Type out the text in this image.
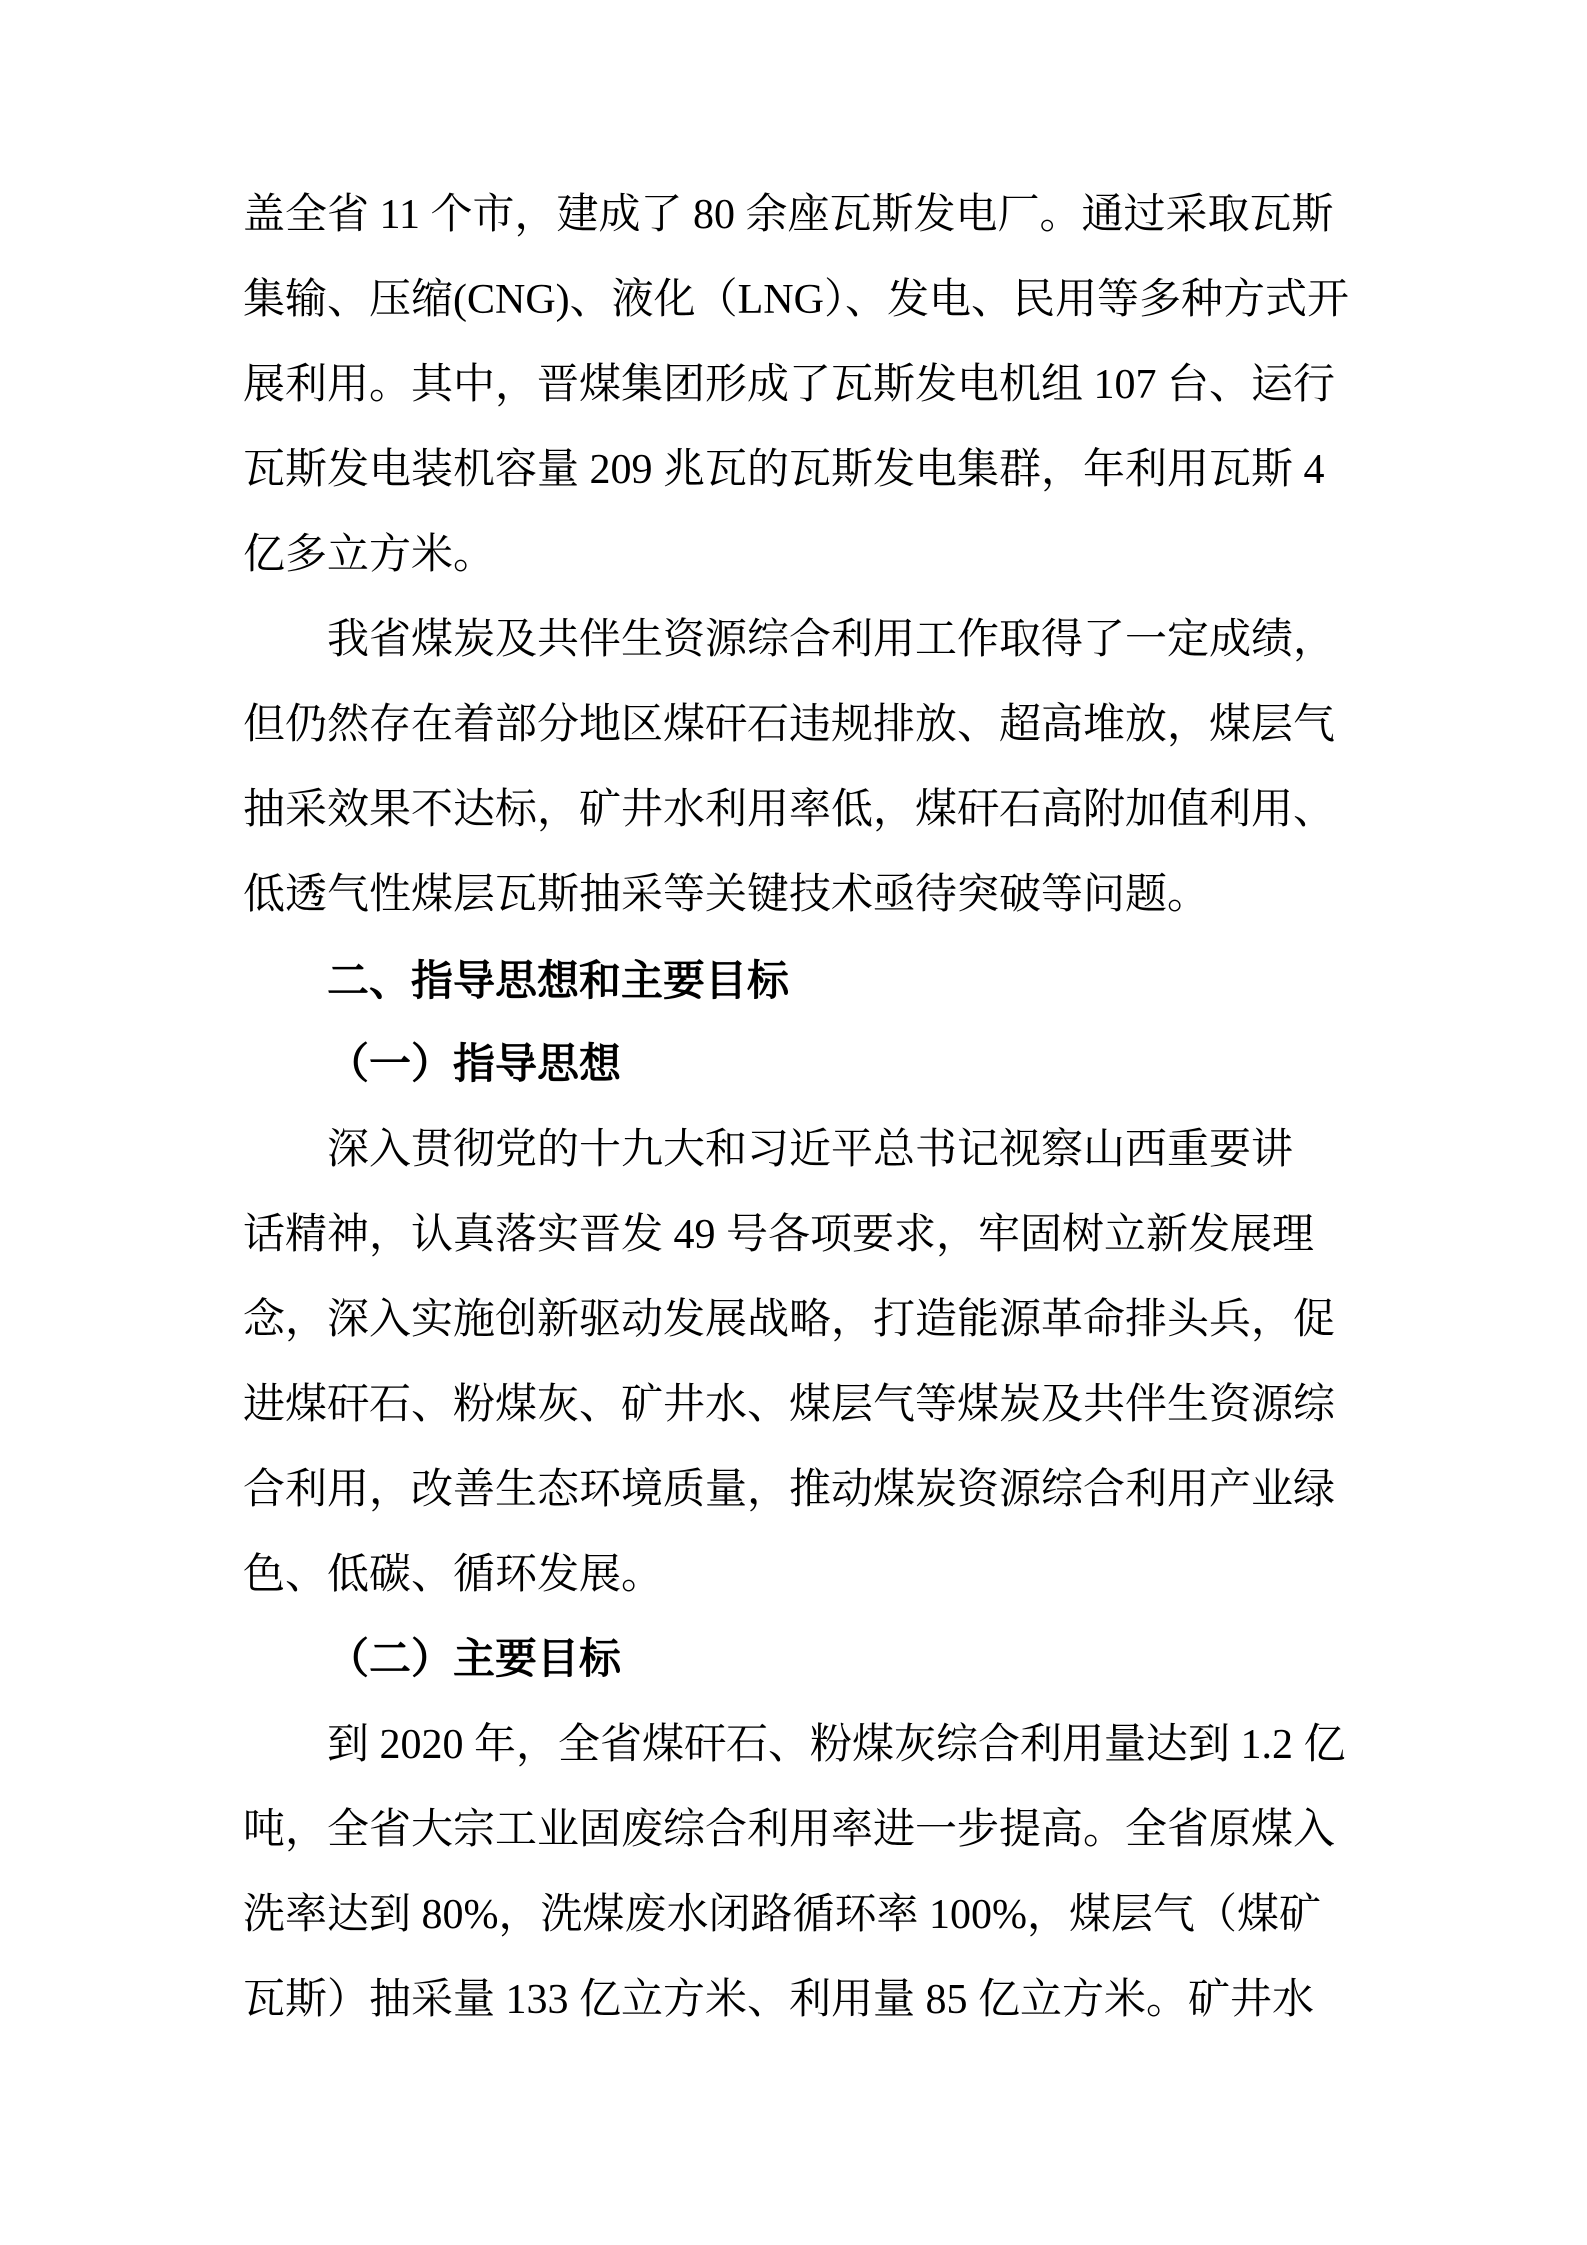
盖全省 11 个市，建成了 80 余座瓦斯发电厂。通过采取瓦斯
集输、压缩(CNG)、液化（LNG）、发电、民用等多种方式开
展利用。其中，晋煤集团形成了瓦斯发电机组 107 台、运行
瓦斯发电装机容量 209 兆瓦的瓦斯发电集群，年利用瓦斯 4
亿多立方米。
我省煤炭及共伴生资源综合利用工作取得了一定成绩，
但仍然存在着部分地区煤矸石违规排放、超高堆放，煤层气
抽采效果不达标，矿井水利用率低，煤矸石高附加值利用、
低透气性煤层瓦斯抽采等关键技术亟待突破等问题。
二、指导思想和主要目标
（一）指导思想
深入贯彻党的十九大和习近平总书记视察山西重要讲
话精神，认真落实晋发 49 号各项要求，牢固树立新发展理
念，深入实施创新驱动发展战略，打造能源革命排头兵，促
进煤矸石、粉煤灰、矿井水、煤层气等煤炭及共伴生资源综
合利用，改善生态环境质量，推动煤炭资源综合利用产业绿
色、低碳、循环发展。
（二）主要目标
到 2020 年，全省煤矸石、粉煤灰综合利用量达到 1.2 亿
吨，全省大宗工业固废综合利用率进一步提高。全省原煤入
洗率达到 80%，洗煤废水闭路循环率 100%，煤层气（煤矿
瓦斯）抽采量 133 亿立方米、利用量 85 亿立方米。矿井水
